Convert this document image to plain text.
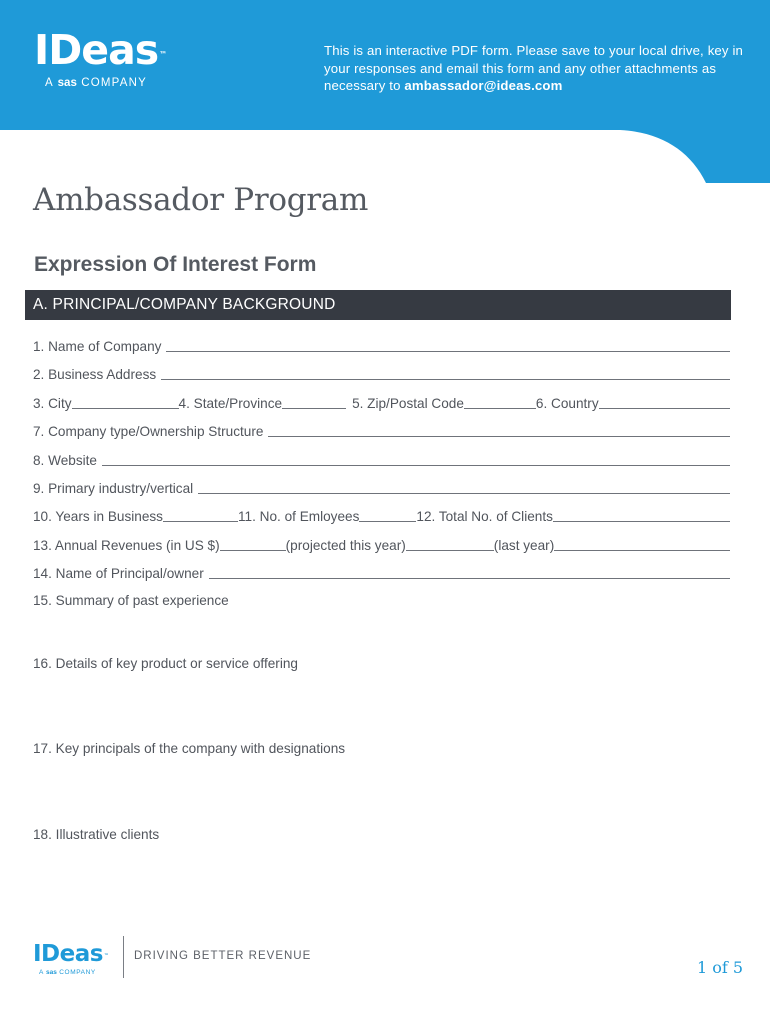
IDeas™
A sas COMPANY
This is an interactive PDF form. Please save to your local drive, key in your responses and email this form and any other attachments as necessary to ambassador@ideas.com
Ambassador Program
Expression Of Interest Form
A. PRINCIPAL/COMPANY BACKGROUND
1. Name of Company
2. Business Address
3. City	4. State/Province	5. Zip/Postal Code	6. Country
7. Company type/Ownership Structure
8. Website
9. Primary industry/vertical
10. Years in Business	11. No. of Emloyees	12. Total No. of Clients
13. Annual Revenues (in US $)	(projected this year)	(last year)
14. Name of Principal/owner
15. Summary of past experience
16. Details of key product or service offering
17. Key principals of the company with designations
18. Illustrative clients
IDeas™
A sas COMPANY
DRIVING BETTER REVENUE
1 of 5
